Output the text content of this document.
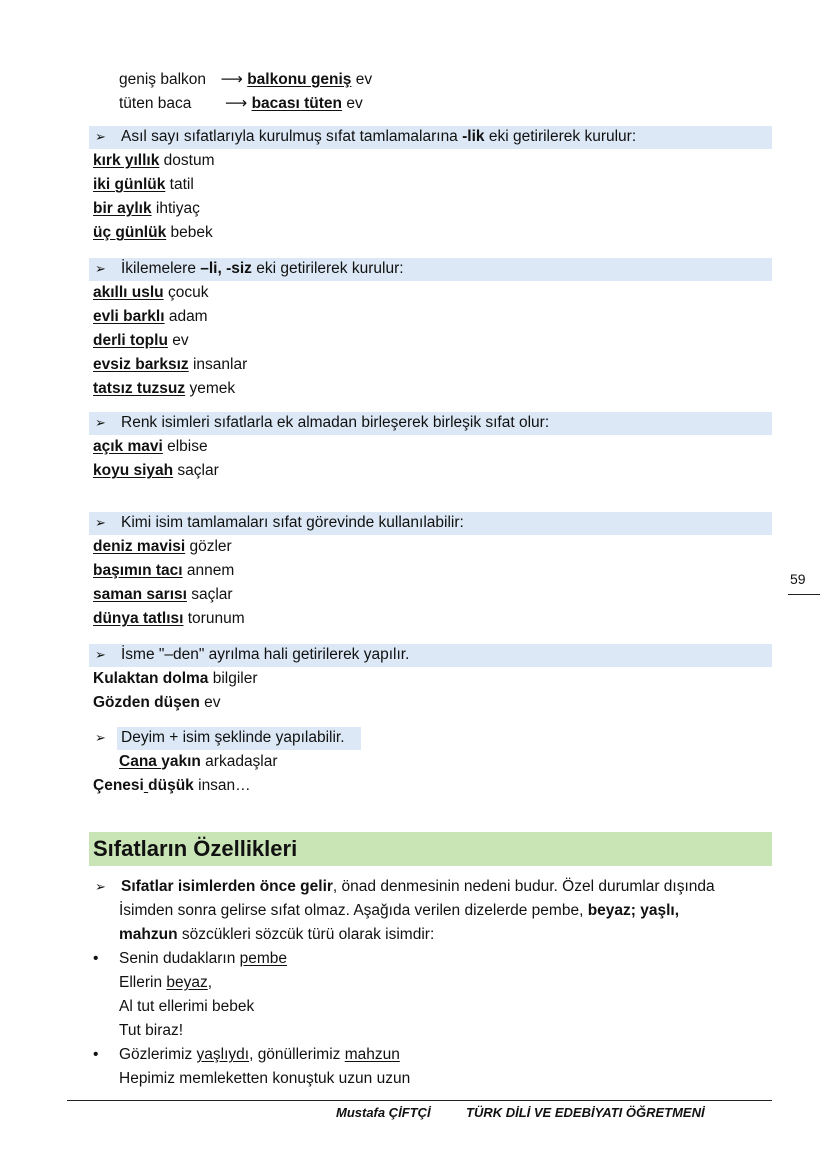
geniş balkon ⟶ balkonu geniş ev
tüten baca ⟶ bacası tüten ev
➢ Asıl sayı sıfatlarıyla kurulmuş sıfat tamlamalarına -lik eki getirilerek kurulur:
kırk yıllık dostum
iki günlük tatil
bir aylık ihtiyaç
üç günlük bebek
➢ İkilemelere –li, -siz eki getirilerek kurulur:
akıllı uslu çocuk
evli barklı adam
derli toplu ev
evsiz barksız insanlar
tatsız tuzsuz yemek
➢ Renk isimleri sıfatlarla ek almadan birleşerek birleşik sıfat olur:
açık mavi elbise
koyu siyah saçlar
➢ Kimi isim tamlamaları sıfat görevinde kullanılabilir:
deniz mavisi gözler
başımın tacı annem
saman sarısı saçlar
dünya tatlısı torunum
59
➢ İsme "–den" ayrılma hali getirilerek yapılır.
Kulaktan dolma bilgiler
Gözden düşen ev
➢ Deyim + isim şeklinde yapılabilir.
Cana yakın arkadaşlar
Çenesi düşük insan…
Sıfatların Özellikleri
➢ Sıfatlar isimlerden önce gelir, önad denmesinin nedeni budur. Özel durumlar dışında
İsimden sonra gelirse sıfat olmaz. Aşağıda verilen dizelerde pembe, beyaz; yaşlı,
mahzun sözcükleri sözcük türü olarak isimdir:
• Senin dudakların pembe
Ellerin beyaz,
Al tut ellerimi bebek
Tut biraz!
• Gözlerimiz yaşlıydı, gönüllerimiz mahzun
Hepimiz memleketten konuştuk uzun uzun
Mustafa ÇİFTÇİ	TÜRK DİLİ VE EDEBİYATI ÖĞRETMENİ
